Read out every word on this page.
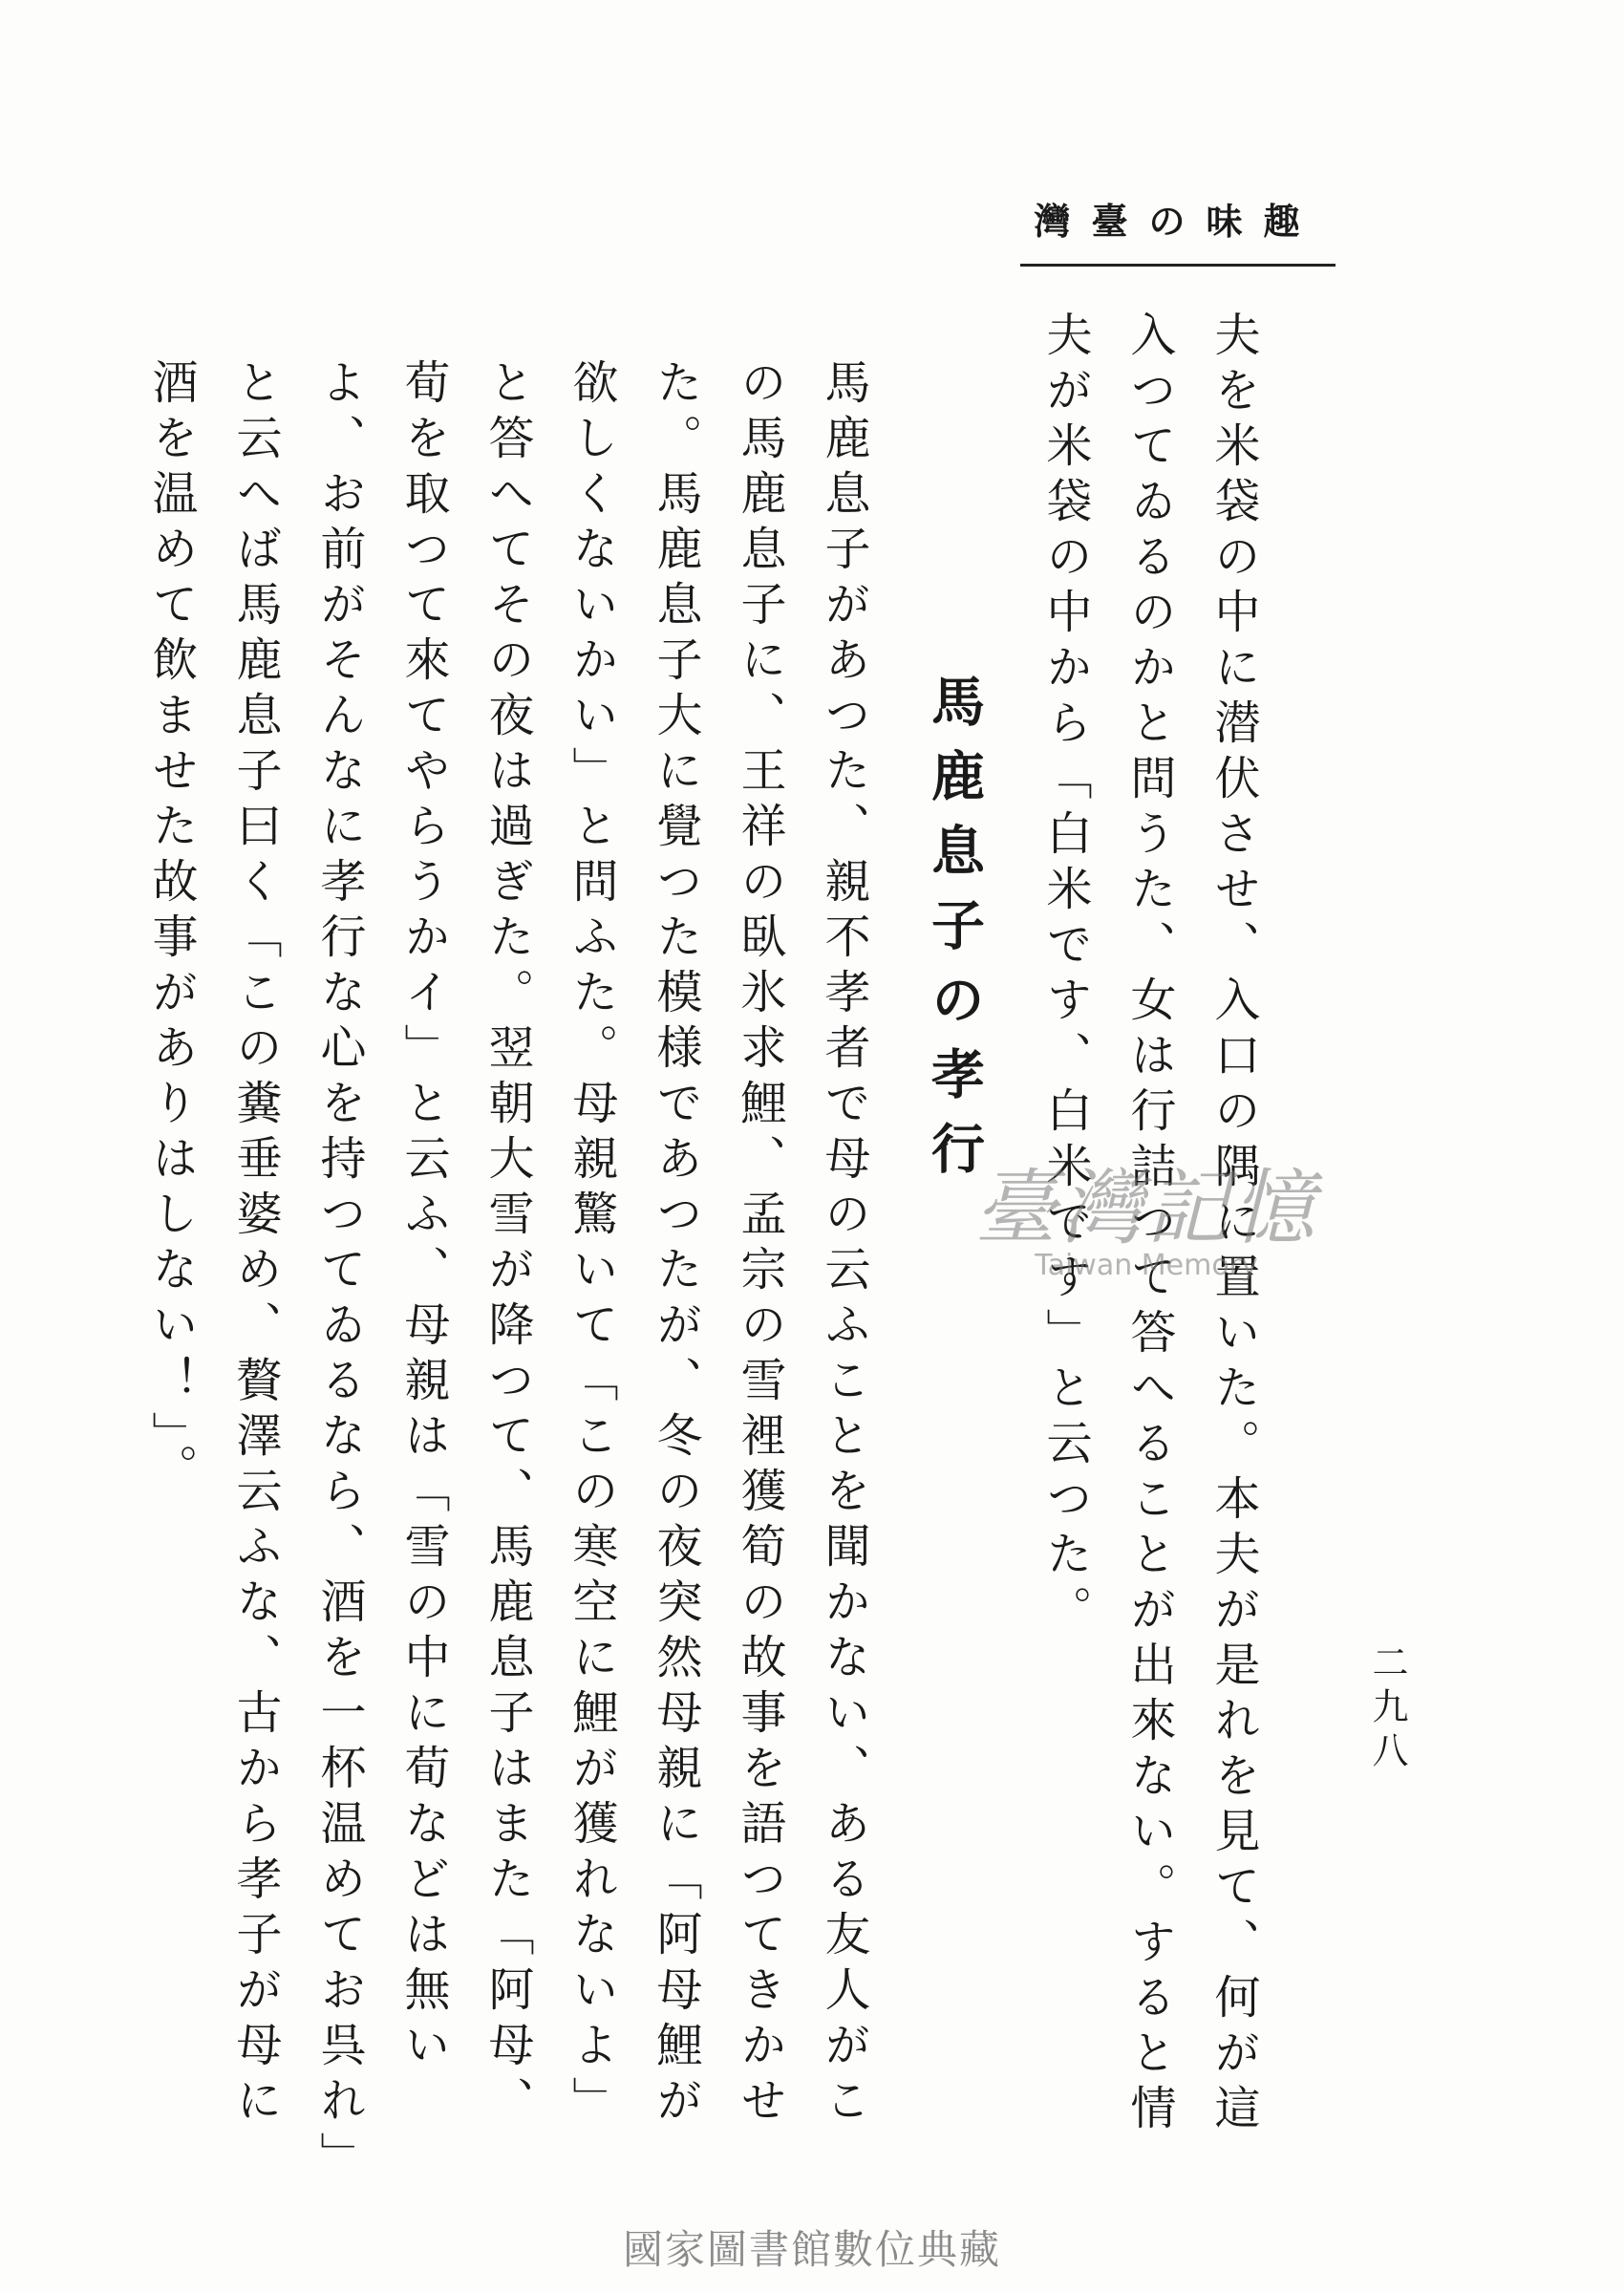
趣味の臺灣
二九八

夫を米袋の中に潜伏させ、入口の隅に置いた。本夫が是れを見て、何が這入つてゐるのかと問うた、女は行詰つて答へることが出來ない。すると情夫が米袋の中から「白米です、白米です」と云つた。

馬鹿息子の孝行

馬鹿息子があつた、親不孝者で母の云ふことを聞かない、ある友人がこの馬鹿息子に、王祥の臥氷求鯉、孟宗の雪裡獲筍の故事を語つてきかせた。馬鹿息子大に覺つた模様であつたが、冬の夜突然母親に「阿母鯉が欲しくないかい」と問ふた。母親驚いて「この寒空に鯉が獲れないよ」と答へてその夜は過ぎた。翌朝大雪が降つて、馬鹿息子はまた「阿母、荀を取つて來てやらうかイ」と云ふ、母親は「雪の中に荀などは無いよ、お前がそんなに孝行な心を持つてゐるなら、酒を一杯温めてお呉れ」と云へば馬鹿息子曰く「この糞垂婆め、贅澤云ふな、古から孝子が母に酒を温めて飲ませた故事がありはしない！」。	臺灣記憶
Taiwan Memory
國家圖書館數位典藏
